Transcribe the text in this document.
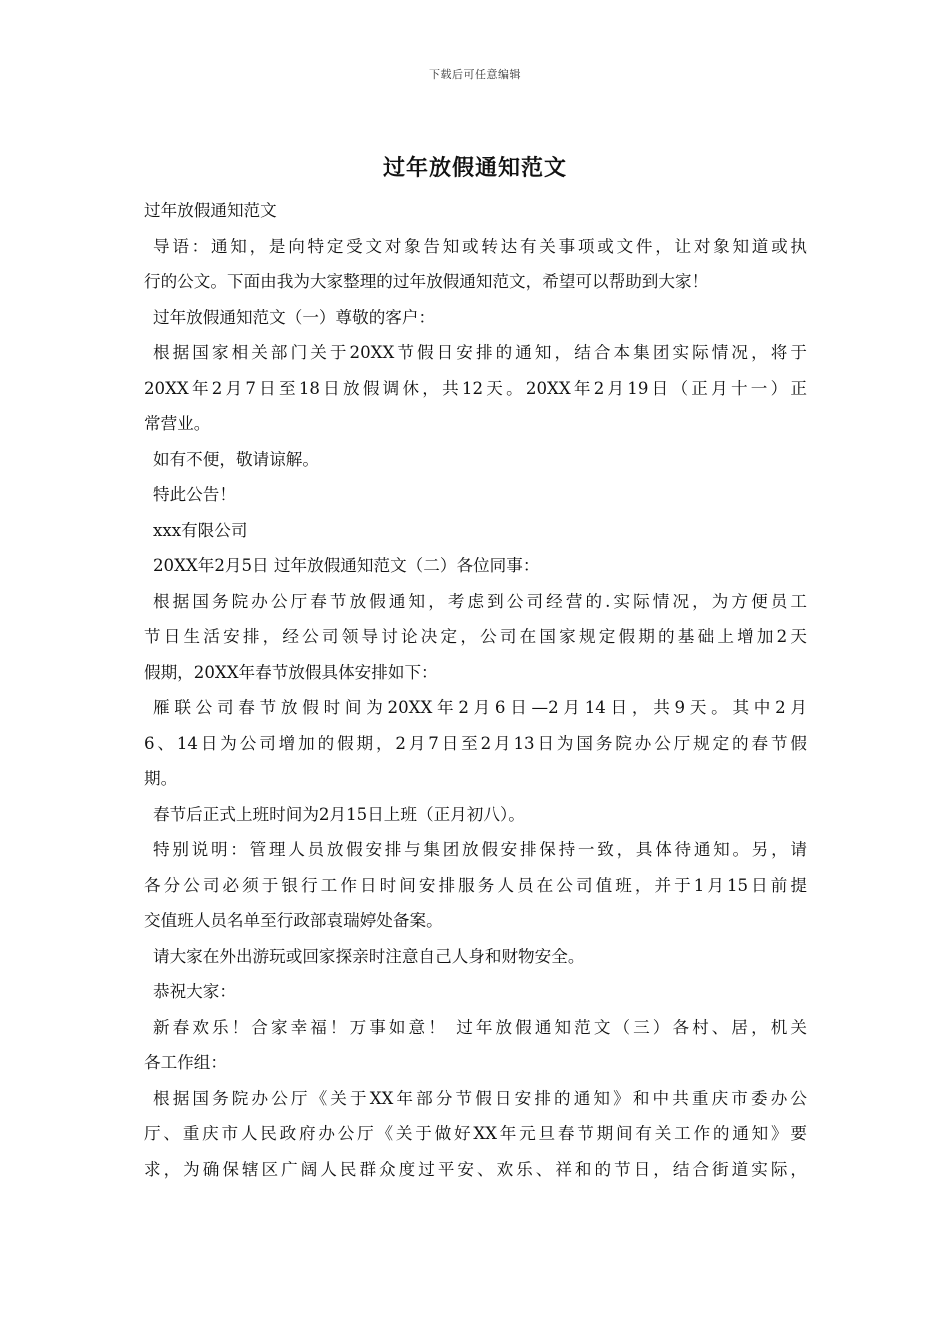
下载后可任意编辑
过年放假通知范文
过年放假通知范文
导语：通知，是向特定受文对象告知或转达有关事项或文件，让对象知道或执
行的公文。下面由我为大家整理的过年放假通知范文，希望可以帮助到大家！
过年放假通知范文（一）尊敬的客户：
根据国家相关部门关于20XX节假日安排的通知，结合本集团实际情况，将于
20XX年2月7日至18日放假调休，共12天。20XX年2月19日（正月十一）正
常营业。
如有不便，敬请谅解。
特此公告！
xxx有限公司
20XX年2月5日 过年放假通知范文（二）各位同事：
根据国务院办公厅春节放假通知，考虑到公司经营的.实际情况，为方便员工
节日生活安排，经公司领导讨论决定，公司在国家规定假期的基础上增加2天
假期，20XX年春节放假具体安排如下：
雁联公司春节放假时间为20XX年2月6日—2月14日，共9天。其中2月
6、14日为公司增加的假期，2月7日至2月13日为国务院办公厅规定的春节假
期。
春节后正式上班时间为2月15日上班（正月初八）。
特别说明：管理人员放假安排与集团放假安排保持一致，具体待通知。另，请
各分公司必须于银行工作日时间安排服务人员在公司值班，并于1月15日前提
交值班人员名单至行政部袁瑞婷处备案。
请大家在外出游玩或回家探亲时注意自己人身和财物安全。
恭祝大家：
新春欢乐！合家幸福！万事如意！ 过年放假通知范文（三）各村、居，机关
各工作组：
根据国务院办公厅《关于XX年部分节假日安排的通知》和中共重庆市委办公
厅、重庆市人民政府办公厅《关于做好XX年元旦春节期间有关工作的通知》要
求，为确保辖区广阔人民群众度过平安、欢乐、祥和的节日，结合街道实际，
